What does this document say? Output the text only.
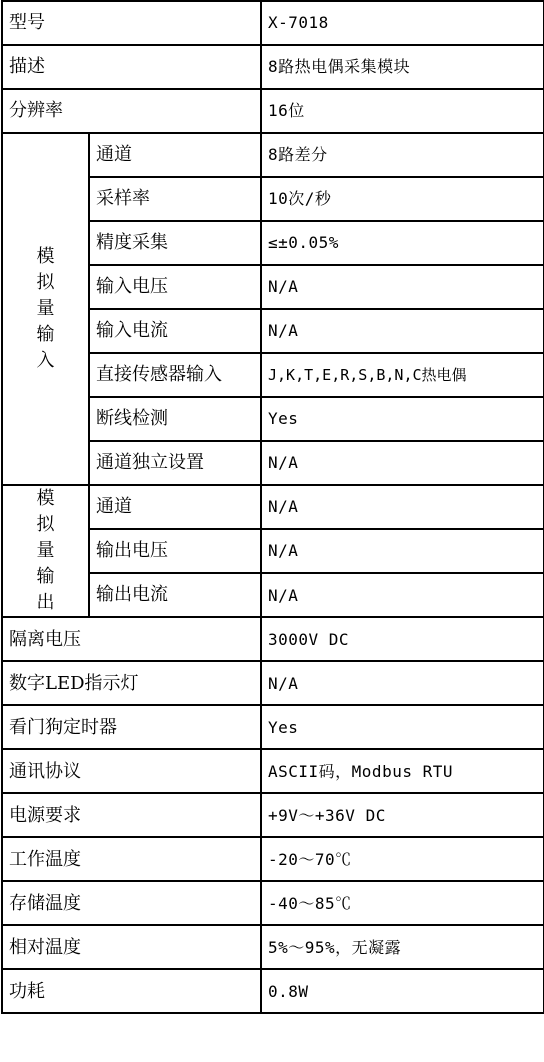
型号		X-7018
描述		8路热电偶采集模块
分辨率		16位
模拟量输入	通道	8路差分
	采样率	10次/秒
	精度采集	≤±0.05%
	输入电压	N/A
	输入电流	N/A
	直接传感器输入	J,K,T,E,R,S,B,N,C热电偶
	断线检测	Yes
	通道独立设置	N/A
模拟量输出	通道	N/A
	输出电压	N/A
	输出电流	N/A
隔离电压		3000V DC
数字LED指示灯		N/A
看门狗定时器		Yes
通讯协议		ASCII码，Modbus RTU
电源要求		+9V～+36V DC
工作温度		-20～70℃
存储温度		-40～85℃
相对温度		5%～95%，无凝露
功耗		0.8W
